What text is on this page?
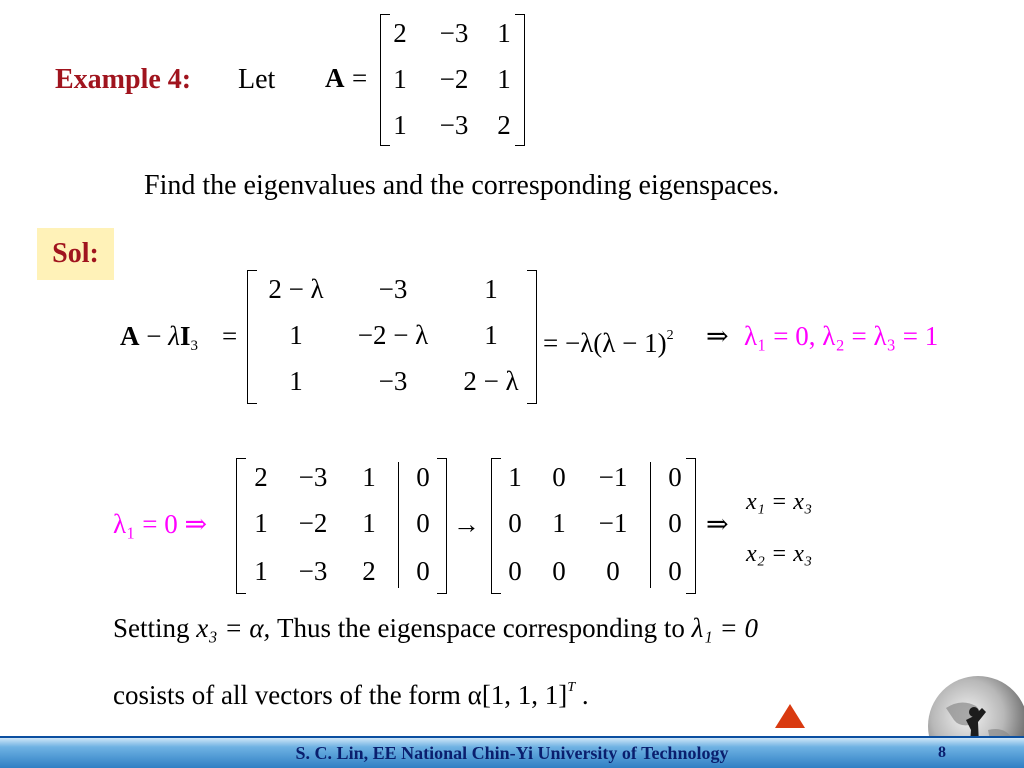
Example 4: Let A =
2 −3 1
1 −2 1
1 −3 2
Find the eigenvalues and the corresponding eigenspaces.
Sol:
$A - \lambda I_3$ =
2 − λ	−3	1
1	−2 − λ	1
1	−3	2 − λ
= $-\lambda(\lambda - 1)^2$ ⇒ λ₁ = 0, λ₂ = λ₃ = 1
λ₁ = 0 ⇒
2	−3	1	0
1	−2	1	0
1	−3	2	0
→
1	0	−1	0
0	1	−1	0
0	0	0	0
⇒
x₁ = x₃
x₂ = x₃
Setting x₃ = α, Thus the eigenspace corresponding to λ₁ = 0
cosists of all vectors of the form α[1, 1, 1]$^T$ .
S. C. Lin, EE National Chin-Yi University of Technology	8
